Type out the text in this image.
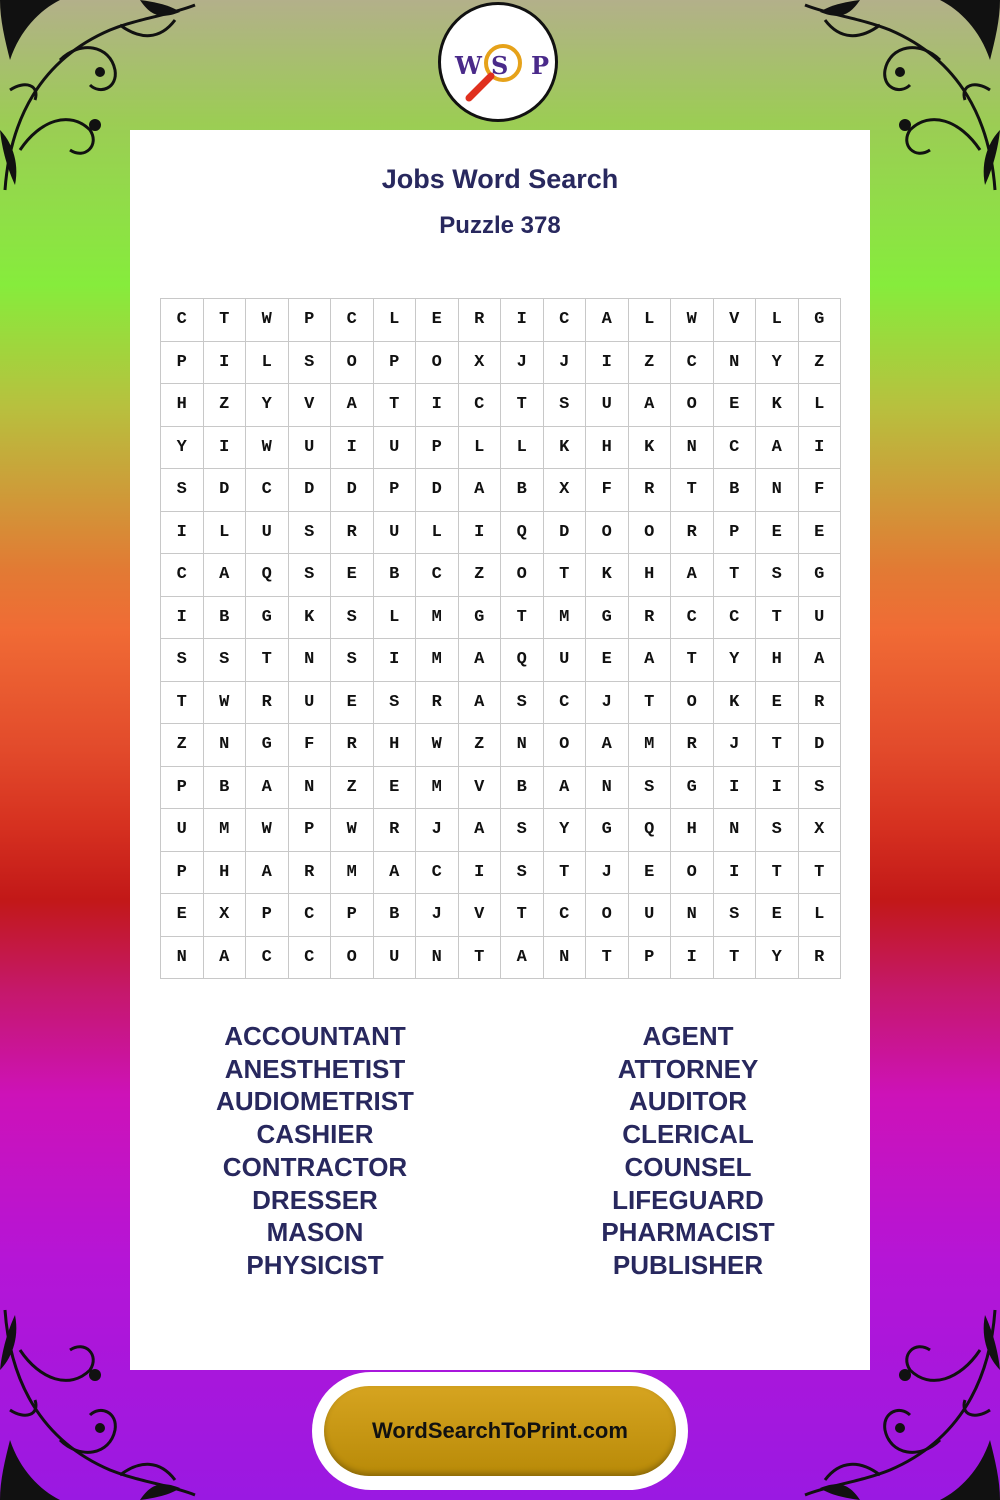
W S P
Jobs Word Search
Puzzle 378
C	T	W	P	C	L	E	R	I	C	A	L	W	V	L	G
P	I	L	S	O	P	O	X	J	J	I	Z	C	N	Y	Z
H	Z	Y	V	A	T	I	C	T	S	U	A	O	E	K	L
Y	I	W	U	I	U	P	L	L	K	H	K	N	C	A	I
S	D	C	D	D	P	D	A	B	X	F	R	T	B	N	F
I	L	U	S	R	U	L	I	Q	D	O	O	R	P	E	E
C	A	Q	S	E	B	C	Z	O	T	K	H	A	T	S	G
I	B	G	K	S	L	M	G	T	M	G	R	C	C	T	U
S	S	T	N	S	I	M	A	Q	U	E	A	T	Y	H	A
T	W	R	U	E	S	R	A	S	C	J	T	O	K	E	R
Z	N	G	F	R	H	W	Z	N	O	A	M	R	J	T	D
P	B	A	N	Z	E	M	V	B	A	N	S	G	I	I	S
U	M	W	P	W	R	J	A	S	Y	G	Q	H	N	S	X
P	H	A	R	M	A	C	I	S	T	J	E	O	I	T	T
E	X	P	C	P	B	J	V	T	C	O	U	N	S	E	L
N	A	C	C	O	U	N	T	A	N	T	P	I	T	Y	R
ACCOUNTANT
ANESTHETIST
AUDIOMETRIST
CASHIER
CONTRACTOR
DRESSER
MASON
PHYSICIST
AGENT
ATTORNEY
AUDITOR
CLERICAL
COUNSEL
LIFEGUARD
PHARMACIST
PUBLISHER
WordSearchToPrint.com
